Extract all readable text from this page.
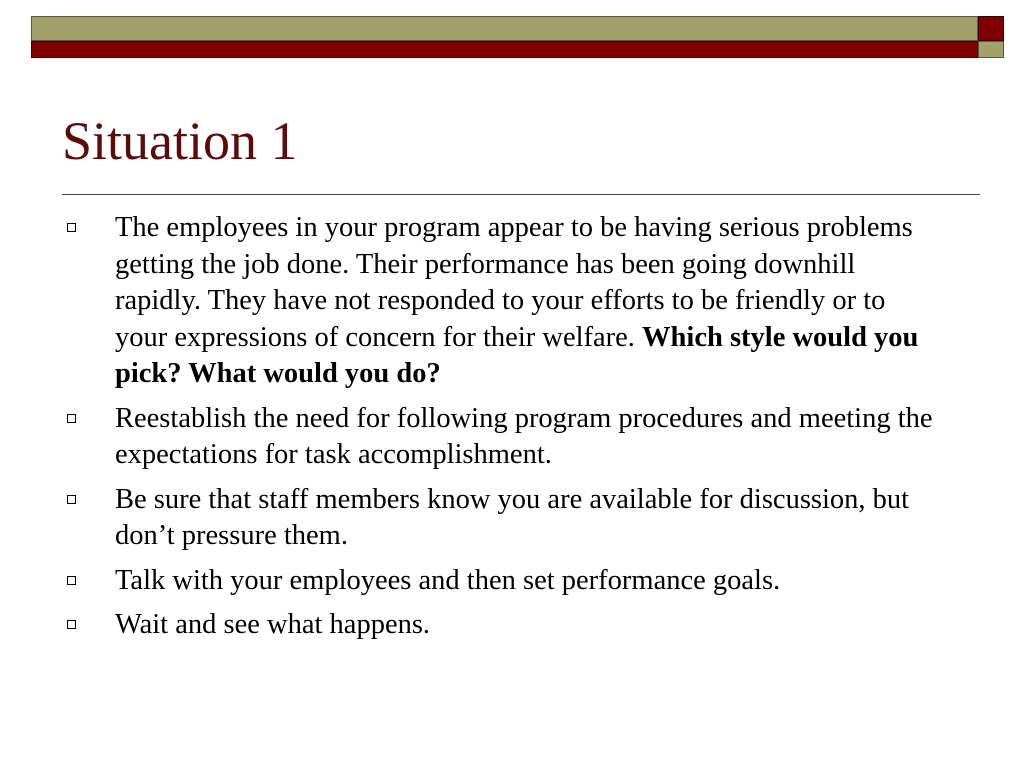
Situation 1
The employees in your program appear to be having serious problems getting the job done. Their performance has been going downhill rapidly. They have not responded to your efforts to be friendly or to your expressions of concern for their welfare. Which style would you pick? What would you do?
Reestablish the need for following program procedures and meeting the expectations for task accomplishment.
Be sure that staff members know you are available for discussion, but don’t pressure them.
Talk with your employees and then set performance goals.
Wait and see what happens.
